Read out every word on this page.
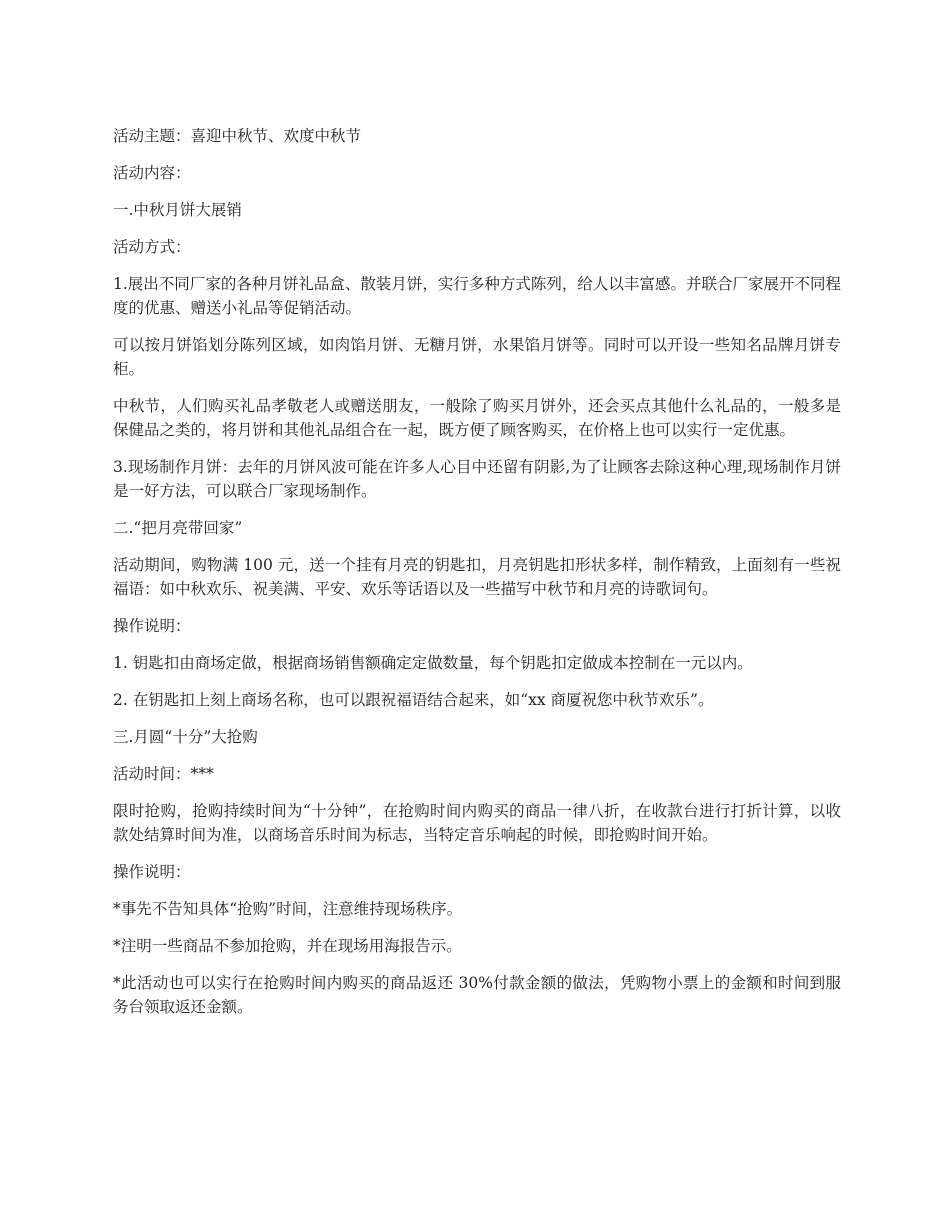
活动主题：喜迎中秋节、欢度中秋节

活动内容：

一.中秋月饼大展销

活动方式：

1.展出不同厂家的各种月饼礼品盒、散装月饼，实行多种方式陈列，给人以丰富感。并联合厂家展开不同程度的优惠、赠送小礼品等促销活动。

可以按月饼馅划分陈列区域，如肉馅月饼、无糖月饼，水果馅月饼等。同时可以开设一些知名品牌月饼专柜。

中秋节，人们购买礼品孝敬老人或赠送朋友，一般除了购买月饼外，还会买点其他什么礼品的，一般多是保健品之类的，将月饼和其他礼品组合在一起，既方便了顾客购买，在价格上也可以实行一定优惠。

3.现场制作月饼：去年的月饼风波可能在许多人心目中还留有阴影,为了让顾客去除这种心理,现场制作月饼是一好方法，可以联合厂家现场制作。

二.“把月亮带回家”

活动期间，购物满 100 元，送一个挂有月亮的钥匙扣，月亮钥匙扣形状多样，制作精致，上面刻有一些祝福语：如中秋欢乐、祝美满、平安、欢乐等话语以及一些描写中秋节和月亮的诗歌词句。

操作说明：

1. 钥匙扣由商场定做，根据商场销售额确定定做数量，每个钥匙扣定做成本控制在一元以内。

2. 在钥匙扣上刻上商场名称，也可以跟祝福语结合起来，如“xx 商厦祝您中秋节欢乐”。

三.月圆“十分”大抢购

活动时间：***

限时抢购，抢购持续时间为“十分钟”，在抢购时间内购买的商品一律八折，在收款台进行打折计算，以收款处结算时间为准，以商场音乐时间为标志，当特定音乐响起的时候，即抢购时间开始。

操作说明：

*事先不告知具体“抢购”时间，注意维持现场秩序。

*注明一些商品不参加抢购，并在现场用海报告示。

*此活动也可以实行在抢购时间内购买的商品返还 30%付款金额的做法，凭购物小票上的金额和时间到服务台领取返还金额。
